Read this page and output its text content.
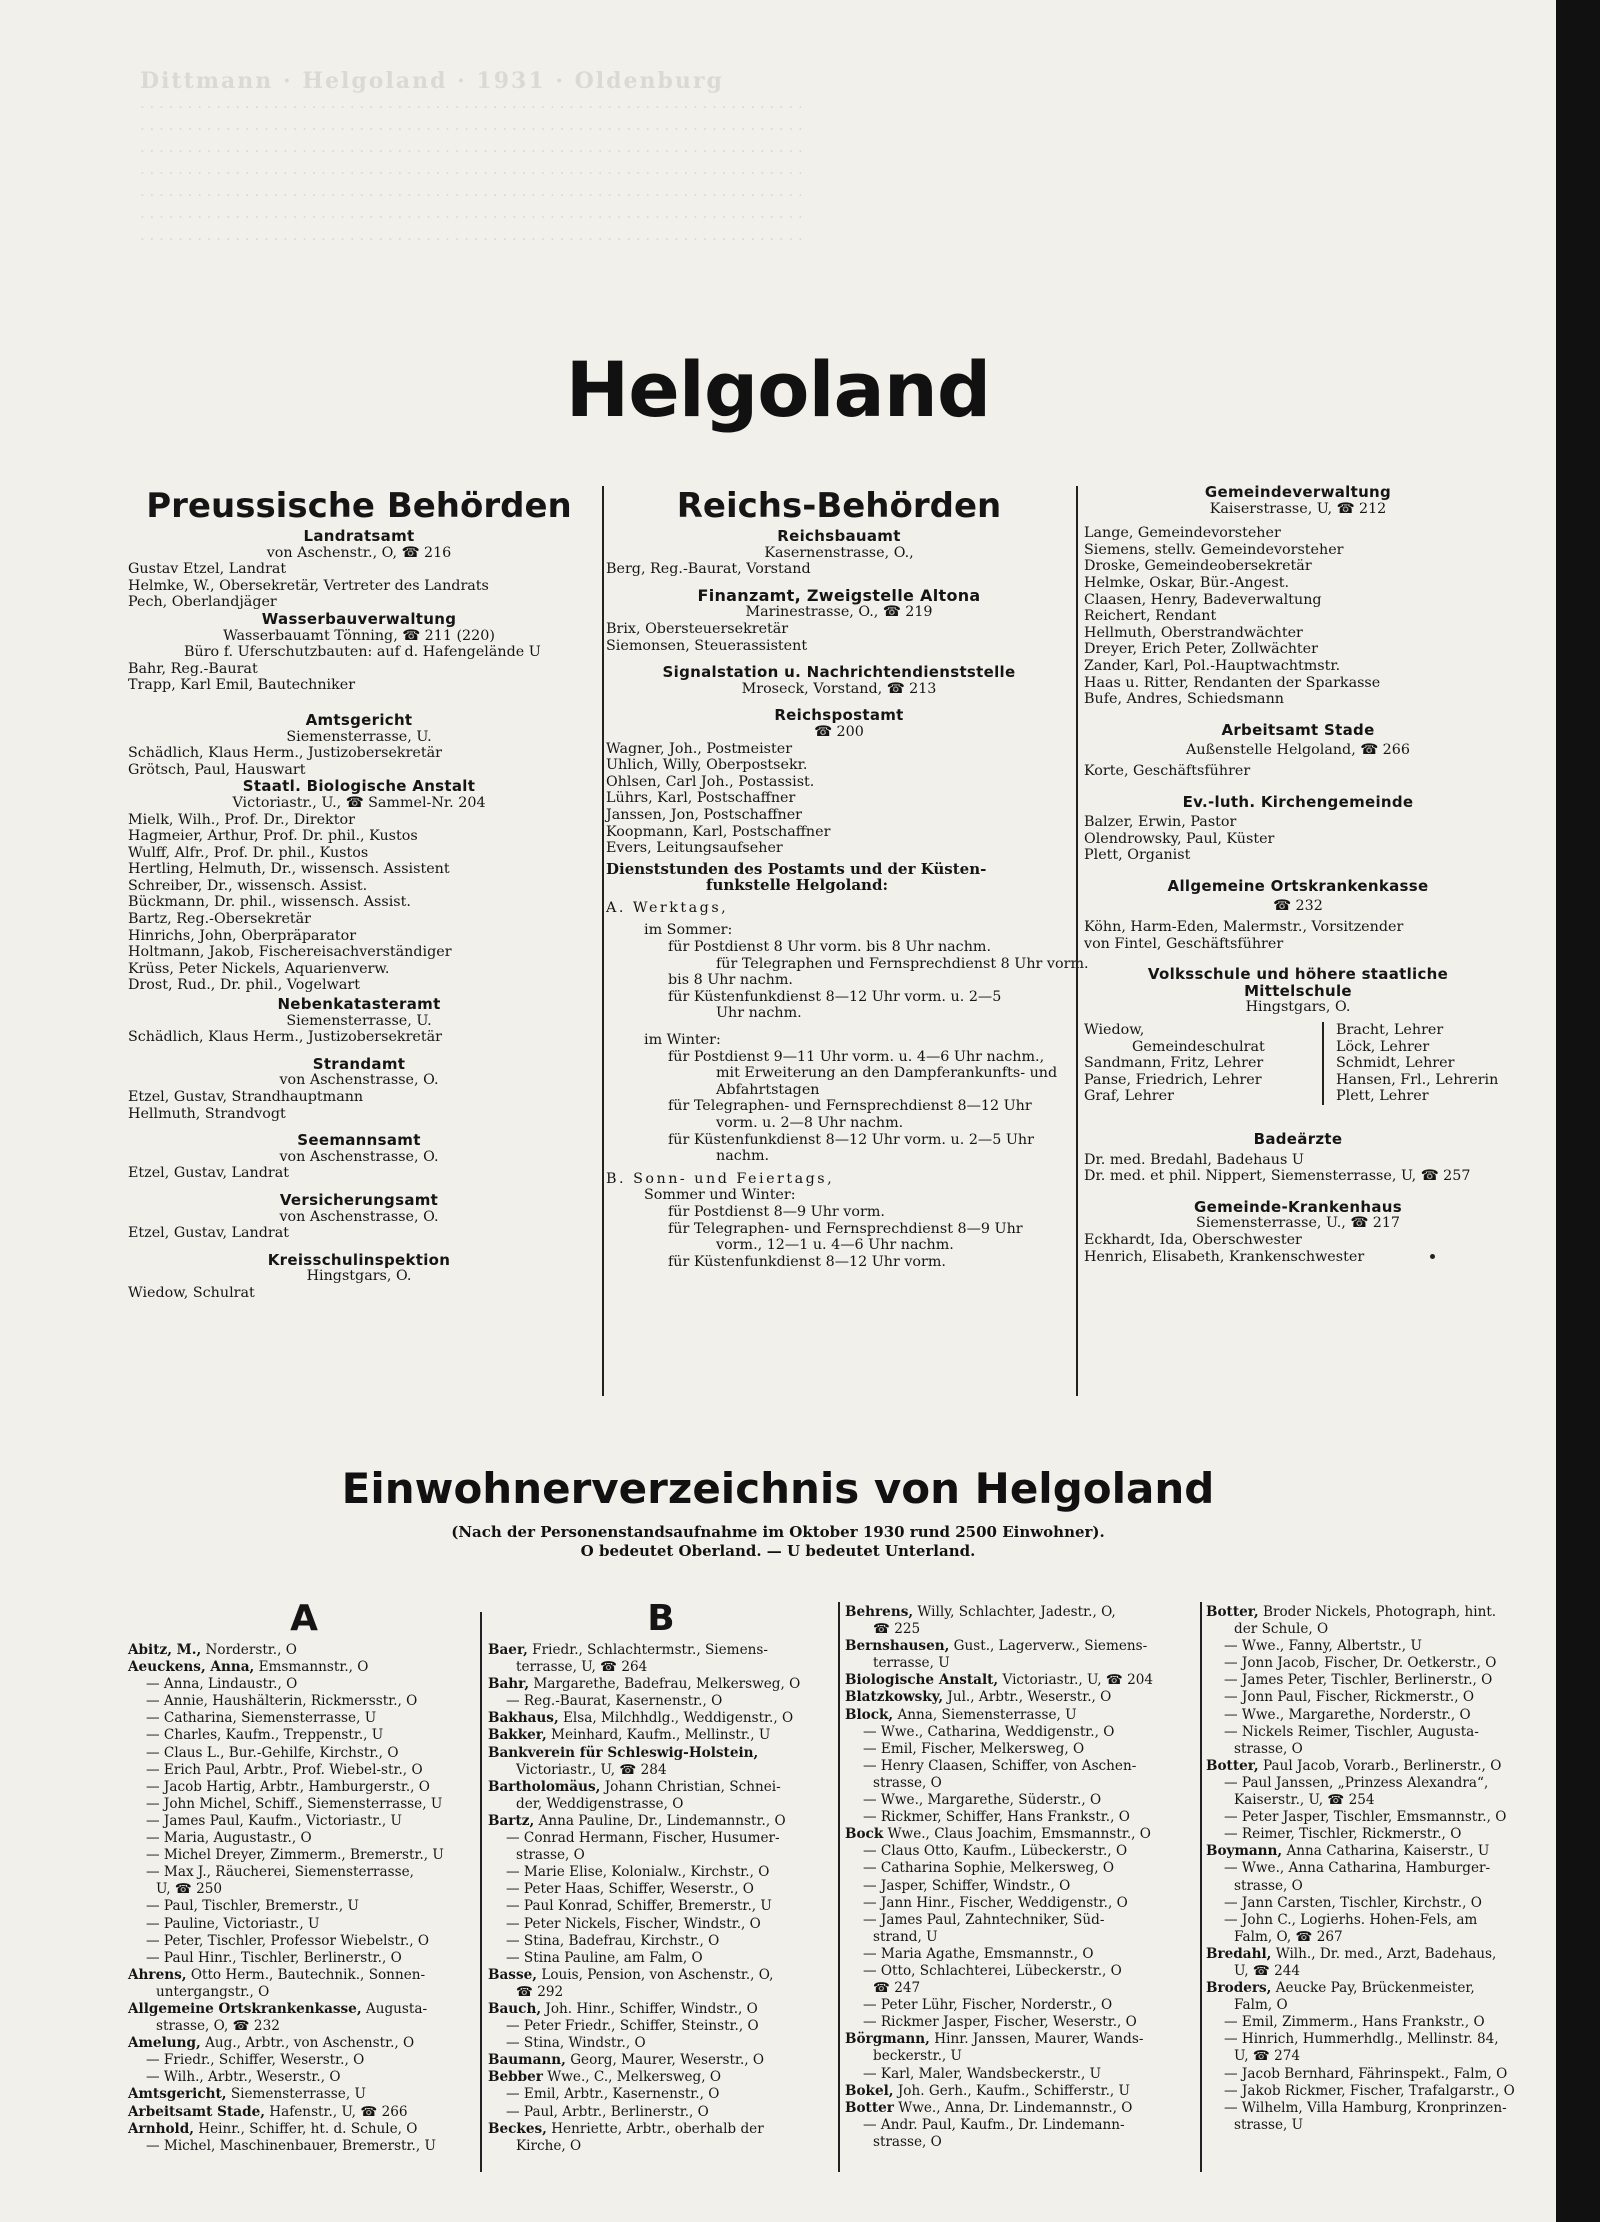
Dittmann · Helgoland · 1931 · Oldenburg
. . . . . . . . . . . . . . . . . . . . . . . . . . . . . . . . . . . . . . . . . . . . . . . . . . . . . . . . . . . . . . . . . . . . . .
. . . . . . . . . . . . . . . . . . . . . . . . . . . . . . . . . . . . . . . . . . . . . . . . . . . . . . . . . . . . . . . . . . . . . .
. . . . . . . . . . . . . . . . . . . . . . . . . . . . . . . . . . . . . . . . . . . . . . . . . . . . . . . . . . . . . . . . . . . . . .
. . . . . . . . . . . . . . . . . . . . . . . . . . . . . . . . . . . . . . . . . . . . . . . . . . . . . . . . . . . . . . . . . . . . . .
. . . . . . . . . . . . . . . . . . . . . . . . . . . . . . . . . . . . . . . . . . . . . . . . . . . . . . . . . . . . . . . . . . . . . .
. . . . . . . . . . . . . . . . . . . . . . . . . . . . . . . . . . . . . . . . . . . . . . . . . . . . . . . . . . . . . . . . . . . . . .
. . . . . . . . . . . . . . . . . . . . . . . . . . . . . . . . . . . . . . . . . . . . . . . . . . . . . . . . . . . . . . . . . . . . . .
Helgoland

Preussische Behörden

Landratsamt

von Aschenstr., O, ☎ 216

Gustav Etzel, Landrat

Helmke, W., Obersekretär, Vertreter des Landrats

Pech, Oberlandjäger

Wasserbauverwaltung

Wasserbauamt Tönning, ☎ 211 (220)

Büro f. Uferschutzbauten: auf d. Hafengelände U

Bahr, Reg.-Baurat

Trapp, Karl Emil, Bautechniker

Amtsgericht

Siemensterrasse, U.

Schädlich, Klaus Herm., Justizobersekretär

Grötsch, Paul, Hauswart

Staatl. Biologische Anstalt

Victoriastr., U., ☎ Sammel-Nr. 204

Mielk, Wilh., Prof. Dr., Direktor

Hagmeier, Arthur, Prof. Dr. phil., Kustos

Wulff, Alfr., Prof. Dr. phil., Kustos

Hertling, Helmuth, Dr., wissensch. Assistent

Schreiber, Dr., wissensch. Assist.

Bückmann, Dr. phil., wissensch. Assist.

Bartz, Reg.-Obersekretär

Hinrichs, John, Oberpräparator

Holtmann, Jakob, Fischereisachverständiger

Krüss, Peter Nickels, Aquarienverw.

Drost, Rud., Dr. phil., Vogelwart

Nebenkatasteramt

Siemensterrasse, U.

Schädlich, Klaus Herm., Justizobersekretär

Strandamt

von Aschenstrasse, O.

Etzel, Gustav, Strandhauptmann

Hellmuth, Strandvogt

Seemannsamt

von Aschenstrasse, O.

Etzel, Gustav, Landrat

Versicherungsamt

von Aschenstrasse, O.

Etzel, Gustav, Landrat

Kreisschulinspektion

Hingstgars, O.

Wiedow, Schulrat

Reichs-Behörden

Reichsbauamt

Kasernenstrasse, O.,

Berg, Reg.-Baurat, Vorstand

Finanzamt, Zweigstelle Altona

Marinestrasse, O., ☎ 219

Brix, Obersteuersekretär

Siemonsen, Steuerassistent

Signalstation u. Nachrichtendienststelle

Mroseck, Vorstand, ☎ 213

Reichspostamt

☎ 200

Wagner, Joh., Postmeister

Uhlich, Willy, Oberpostsekr.

Ohlsen, Carl Joh., Postassist.

Lührs, Karl, Postschaffner

Janssen, Jon, Postschaffner

Koopmann, Karl, Postschaffner

Evers, Leitungsaufseher

Dienststunden des Postamts und der Küsten-

funkstelle Helgoland:

A. Werktags,

im Sommer:

für Postdienst 8 Uhr vorm. bis 8 Uhr nachm.

für Telegraphen und Fernsprechdienst 8 Uhr vorm.

bis 8 Uhr nachm.

für Küstenfunkdienst 8—12 Uhr vorm. u. 2—5

Uhr nachm.

im Winter:

für Postdienst 9—11 Uhr vorm. u. 4—6 Uhr nachm.,

mit Erweiterung an den Dampferankunfts- und

Abfahrtstagen

für Telegraphen- und Fernsprechdienst 8—12 Uhr

vorm. u. 2—8 Uhr nachm.

für Küstenfunkdienst 8—12 Uhr vorm. u. 2—5 Uhr

nachm.

B. Sonn- und Feiertags,

Sommer und Winter:

für Postdienst 8—9 Uhr vorm.

für Telegraphen- und Fernsprechdienst 8—9 Uhr

vorm., 12—1 u. 4—6 Uhr nachm.

für Küstenfunkdienst 8—12 Uhr vorm.

Gemeindeverwaltung

Kaiserstrasse, U, ☎ 212

Lange, Gemeindevorsteher

Siemens, stellv. Gemeindevorsteher

Droske, Gemeindeobersekretär

Helmke, Oskar, Bür.-Angest.

Claasen, Henry, Badeverwaltung

Reichert, Rendant

Hellmuth, Oberstrandwächter

Dreyer, Erich Peter, Zollwächter

Zander, Karl, Pol.-Hauptwachtmstr.

Haas u. Ritter, Rendanten der Sparkasse

Bufe, Andres, Schiedsmann

Arbeitsamt Stade

Außenstelle Helgoland, ☎ 266

Korte, Geschäftsführer

Ev.-luth. Kirchengemeinde

Balzer, Erwin, Pastor

Olendrowsky, Paul, Küster

Plett, Organist

Allgemeine Ortskrankenkasse

☎ 232

Köhn, Harm-Eden, Malermstr., Vorsitzender

von Fintel, Geschäftsführer

Volksschule und höhere staatliche

Mittelschule

Hingstgars, O.

Wiedow,

Gemeindeschulrat

Sandmann, Fritz, Lehrer

Panse, Friedrich, Lehrer

Graf, Lehrer

Bracht, Lehrer

Löck, Lehrer

Schmidt, Lehrer

Hansen, Frl., Lehrerin

Plett, Lehrer

Badeärzte

Dr. med. Bredahl, Badehaus U

Dr. med. et phil. Nippert, Siemensterrasse, U, ☎ 257

Gemeinde-Krankenhaus

Siemensterrasse, U., ☎ 217

Eckhardt, Ida, Oberschwester

Henrich, Elisabeth, Krankenschwester

Einwohnerverzeichnis von Helgoland
(Nach der Personenstandsaufnahme im Oktober 1930 rund 2500 Einwohner).
O bedeutet Oberland. — U bedeutet Unterland.
A

Abitz, M., Norderstr., O

Aeuckens, Anna, Emsmannstr., O

— Anna, Lindaustr., O

— Annie, Haushälterin, Rickmersstr., O

— Catharina, Siemensterrasse, U

— Charles, Kaufm., Treppenstr., U

— Claus L., Bur.-Gehilfe, Kirchstr., O

— Erich Paul, Arbtr., Prof. Wiebel-str., O

— Jacob Hartig, Arbtr., Hamburgerstr., O

— John Michel, Schiff., Siemensterrasse, U

— James Paul, Kaufm., Victoriastr., U

— Maria, Augustastr., O

— Michel Dreyer, Zimmerm., Bremerstr., U

— Max J., Räucherei, Siemensterrasse,

U, ☎ 250

— Paul, Tischler, Bremerstr., U

— Pauline, Victoriastr., U

— Peter, Tischler, Professor Wiebelstr., O

— Paul Hinr., Tischler, Berlinerstr., O

Ahrens, Otto Herm., Bautechnik., Sonnen-

untergangstr., O

Allgemeine Ortskrankenkasse, Augusta-

strasse, O, ☎ 232

Amelung, Aug., Arbtr., von Aschenstr., O

— Friedr., Schiffer, Weserstr., O

— Wilh., Arbtr., Weserstr., O

Amtsgericht, Siemensterrasse, U

Arbeitsamt Stade, Hafenstr., U, ☎ 266

Arnhold, Heinr., Schiffer, ht. d. Schule, O

— Michel, Maschinenbauer, Bremerstr., U

B

Baer, Friedr., Schlachtermstr., Siemens-

terrasse, U, ☎ 264

Bahr, Margarethe, Badefrau, Melkersweg, O

— Reg.-Baurat, Kasernenstr., O

Bakhaus, Elsa, Milchhdlg., Weddigenstr., O

Bakker, Meinhard, Kaufm., Mellinstr., U

Bankverein für Schleswig-Holstein,

Victoriastr., U, ☎ 284

Bartholomäus, Johann Christian, Schnei-

der, Weddigenstrasse, O

Bartz, Anna Pauline, Dr., Lindemannstr., O

— Conrad Hermann, Fischer, Husumer-

strasse, O

— Marie Elise, Kolonialw., Kirchstr., O

— Peter Haas, Schiffer, Weserstr., O

— Paul Konrad, Schiffer, Bremerstr., U

— Peter Nickels, Fischer, Windstr., O

— Stina, Badefrau, Kirchstr., O

— Stina Pauline, am Falm, O

Basse, Louis, Pension, von Aschenstr., O,

☎ 292

Bauch, Joh. Hinr., Schiffer, Windstr., O

— Peter Friedr., Schiffer, Steinstr., O

— Stina, Windstr., O

Baumann, Georg, Maurer, Weserstr., O

Bebber Wwe., C., Melkersweg, O

— Emil, Arbtr., Kasernenstr., O

— Paul, Arbtr., Berlinerstr., O

Beckes, Henriette, Arbtr., oberhalb der

Kirche, O

Behrens, Willy, Schlachter, Jadestr., O,

☎ 225

Bernshausen, Gust., Lagerverw., Siemens-

terrasse, U

Biologische Anstalt, Victoriastr., U, ☎ 204

Blatzkowsky, Jul., Arbtr., Weserstr., O

Block, Anna, Siemensterrasse, U

— Wwe., Catharina, Weddigenstr., O

— Emil, Fischer, Melkersweg, O

— Henry Claasen, Schiffer, von Aschen-

strasse, O

— Wwe., Margarethe, Süderstr., O

— Rickmer, Schiffer, Hans Frankstr., O

Bock Wwe., Claus Joachim, Emsmannstr., O

— Claus Otto, Kaufm., Lübeckerstr., O

— Catharina Sophie, Melkersweg, O

— Jasper, Schiffer, Windstr., O

— Jann Hinr., Fischer, Weddigenstr., O

— James Paul, Zahntechniker, Süd-

strand, U

— Maria Agathe, Emsmannstr., O

— Otto, Schlachterei, Lübeckerstr., O

☎ 247

— Peter Lühr, Fischer, Norderstr., O

— Rickmer Jasper, Fischer, Weserstr., O

Börgmann, Hinr. Janssen, Maurer, Wands-

beckerstr., U

— Karl, Maler, Wandsbeckerstr., U

Bokel, Joh. Gerh., Kaufm., Schifferstr., U

Botter Wwe., Anna, Dr. Lindemannstr., O

— Andr. Paul, Kaufm., Dr. Lindemann-

strasse, O

Botter, Broder Nickels, Photograph, hint.

der Schule, O

— Wwe., Fanny, Albertstr., U

— Jonn Jacob, Fischer, Dr. Oetkerstr., O

— James Peter, Tischler, Berlinerstr., O

— Jonn Paul, Fischer, Rickmerstr., O

— Wwe., Margarethe, Norderstr., O

— Nickels Reimer, Tischler, Augusta-

strasse, O

Botter, Paul Jacob, Vorarb., Berlinerstr., O

— Paul Janssen, „Prinzess Alexandra“,

Kaiserstr., U, ☎ 254

— Peter Jasper, Tischler, Emsmannstr., O

— Reimer, Tischler, Rickmerstr., O

Boymann, Anna Catharina, Kaiserstr., U

— Wwe., Anna Catharina, Hamburger-

strasse, O

— Jann Carsten, Tischler, Kirchstr., O

— John C., Logierhs. Hohen-Fels, am

Falm, O, ☎ 267

Bredahl, Wilh., Dr. med., Arzt, Badehaus,

U, ☎ 244

Broders, Aeucke Pay, Brückenmeister,

Falm, O

— Emil, Zimmerm., Hans Frankstr., O

— Hinrich, Hummerhdlg., Mellinstr. 84,

U, ☎ 274

— Jacob Bernhard, Fährinspekt., Falm, O

— Jakob Rickmer, Fischer, Trafalgarstr., O

— Wilhelm, Villa Hamburg, Kronprinzen-

strasse, U
